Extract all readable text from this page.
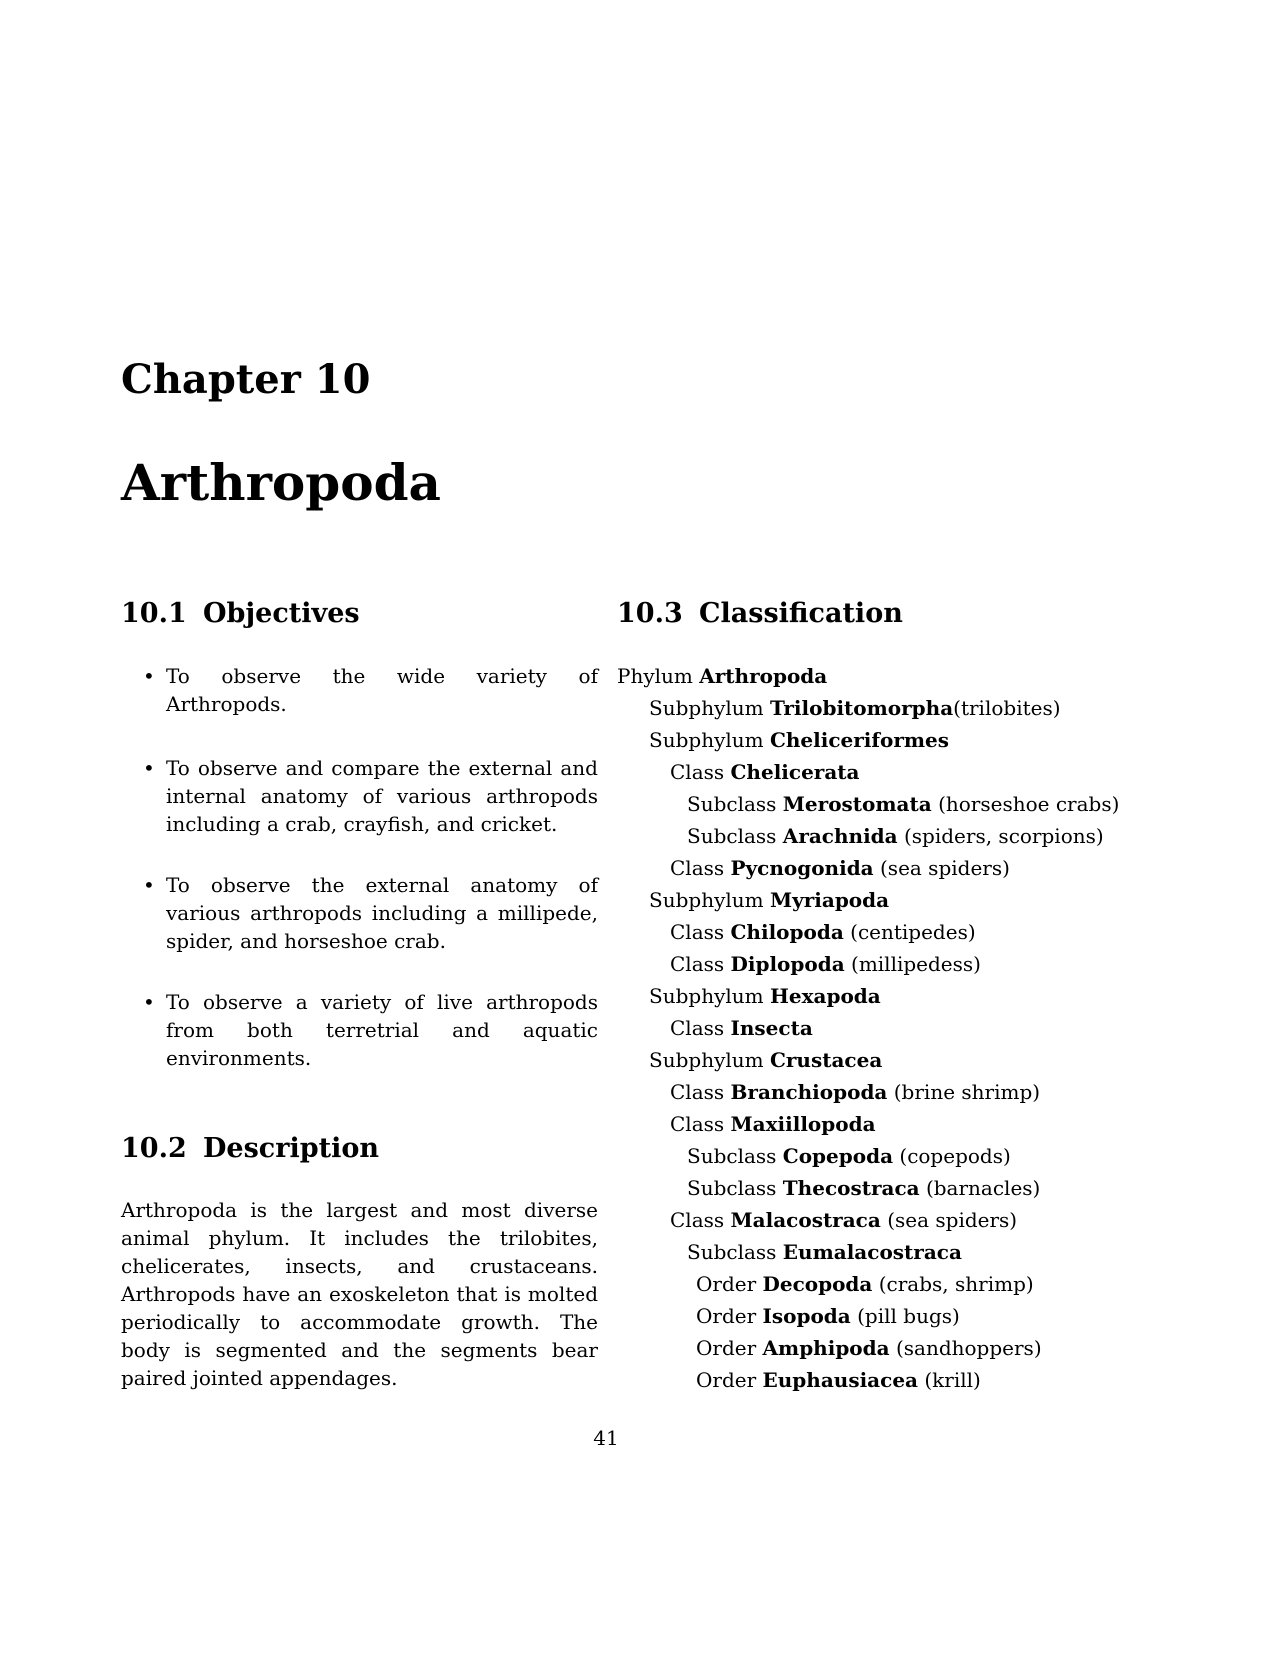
Chapter 10
Arthropoda
10.1 Objectives
• To observe the wide variety of Arthropods.
• To observe and compare the external and internal anatomy of various arthropods including a crab, crayfish, and cricket.
• To observe the external anatomy of various arthropods including a millipede, spider, and horseshoe crab.
• To observe a variety of live arthropods from both terretrial and aquatic environments.
10.2 Description

Arthropoda is the largest and most diverse animal phylum. It includes the trilobites, chelicerates, insects, and crustaceans. Arthropods have an exoskeleton that is molted periodically to accommodate growth. The body is segmented and the segments bear paired jointed appendages.

10.3 Classification
Phylum Arthropoda
Subphylum Trilobitomorpha(trilobites)
Subphylum Cheliceriformes
Class Chelicerata
Subclass Merostomata (horseshoe crabs)
Subclass Arachnida (spiders, scorpions)
Class Pycnogonida (sea spiders)
Subphylum Myriapoda
Class Chilopoda (centipedes)
Class Diplopoda (millipedess)
Subphylum Hexapoda
Class Insecta
Subphylum Crustacea
Class Branchiopoda (brine shrimp)
Class Maxiillopoda
Subclass Copepoda (copepods)
Subclass Thecostraca (barnacles)
Class Malacostraca (sea spiders)
Subclass Eumalacostraca
Order Decopoda (crabs, shrimp)
Order Isopoda (pill bugs)
Order Amphipoda (sandhoppers)
Order Euphausiacea (krill)
41
